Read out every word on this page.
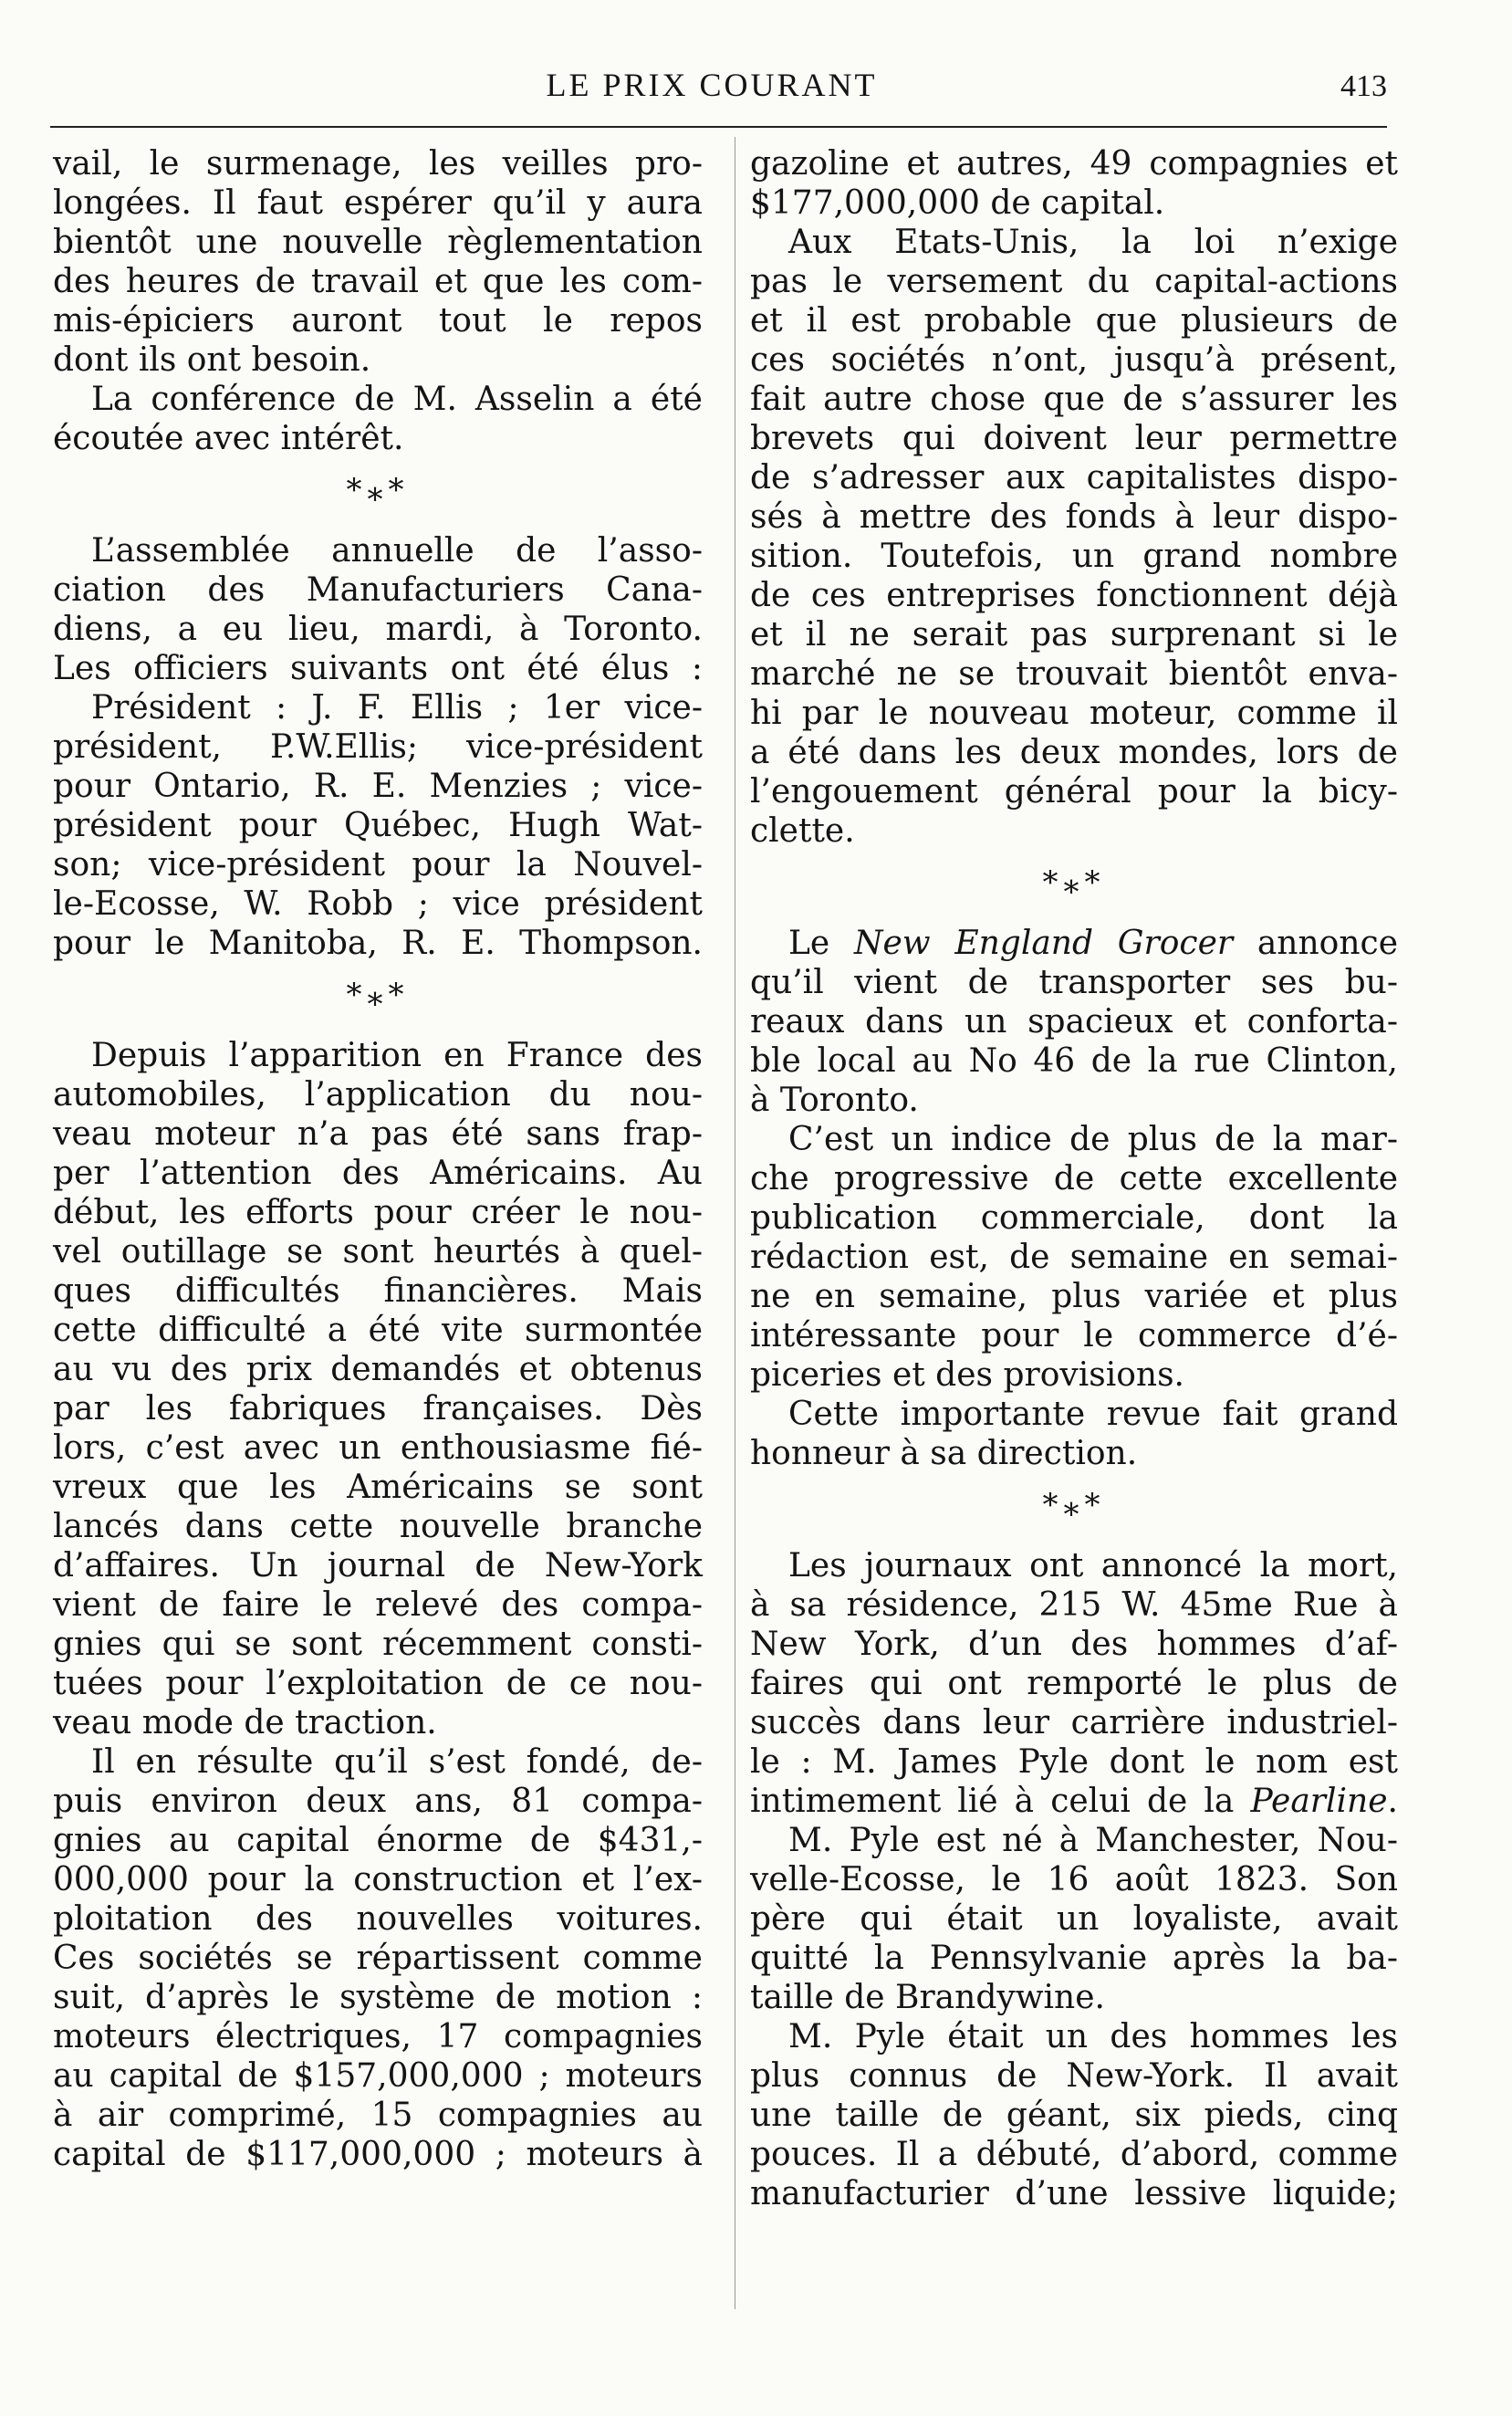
LE PRIX COURANT	413
vail, le surmenage, les veilles pro-
longées. Il faut espérer qu’il y aura
bientôt une nouvelle règlementation
des heures de travail et que les com-
mis-épiciers auront tout le repos
dont ils ont besoin.
La conférence de M. Asselin a été
écoutée avec intérêt.
*⁎*
L’assemblée annuelle de l’asso-
ciation des Manufacturiers Cana-
diens, a eu lieu, mardi, à Toronto.
Les officiers suivants ont été élus :
Président : J. F. Ellis ; 1er vice-
président, P.W.Ellis; vice-président
pour Ontario, R. E. Menzies ; vice-
président pour Québec, Hugh Wat-
son; vice-président pour la Nouvel-
le-Ecosse, W. Robb ; vice président
pour le Manitoba, R. E. Thompson.
*⁎*
Depuis l’apparition en France des
automobiles, l’application du nou-
veau moteur n’a pas été sans frap-
per l’attention des Américains. Au
début, les efforts pour créer le nou-
vel outillage se sont heurtés à quel-
ques difficultés financières. Mais
cette difficulté a été vite surmontée
au vu des prix demandés et obtenus
par les fabriques françaises. Dès
lors, c’est avec un enthousiasme fié-
vreux que les Américains se sont
lancés dans cette nouvelle branche
d’affaires. Un journal de New-York
vient de faire le relevé des compa-
gnies qui se sont récemment consti-
tuées pour l’exploitation de ce nou-
veau mode de traction.
Il en résulte qu’il s’est fondé, de-
puis environ deux ans, 81 compa-
gnies au capital énorme de $431,-
000,000 pour la construction et l’ex-
ploitation des nouvelles voitures.
Ces sociétés se répartissent comme
suit, d’après le système de motion :
moteurs électriques, 17 compagnies
au capital de $157,000,000 ; moteurs
à air comprimé, 15 compagnies au
capital de $117,000,000 ; moteurs à
gazoline et autres, 49 compagnies et
$177,000,000 de capital.
Aux Etats-Unis, la loi n’exige
pas le versement du capital-actions
et il est probable que plusieurs de
ces sociétés n’ont, jusqu’à présent,
fait autre chose que de s’assurer les
brevets qui doivent leur permettre
de s’adresser aux capitalistes dispo-
sés à mettre des fonds à leur dispo-
sition. Toutefois, un grand nombre
de ces entreprises fonctionnent déjà
et il ne serait pas surprenant si le
marché ne se trouvait bientôt enva-
hi par le nouveau moteur, comme il
a été dans les deux mondes, lors de
l’engouement général pour la bicy-
clette.
*⁎*
Le New England Grocer annonce
qu’il vient de transporter ses bu-
reaux dans un spacieux et conforta-
ble local au No 46 de la rue Clinton,
à Toronto.
C’est un indice de plus de la mar-
che progressive de cette excellente
publication commerciale, dont la
rédaction est, de semaine en semai-
ne en semaine, plus variée et plus
intéressante pour le commerce d’é-
piceries et des provisions.
Cette importante revue fait grand
honneur à sa direction.
*⁎*
Les journaux ont annoncé la mort,
à sa résidence, 215 W. 45me Rue à
New York, d’un des hommes d’af-
faires qui ont remporté le plus de
succès dans leur carrière industriel-
le : M. James Pyle dont le nom est
intimement lié à celui de la Pearline.
M. Pyle est né à Manchester, Nou-
velle-Ecosse, le 16 août 1823. Son
père qui était un loyaliste, avait
quitté la Pennsylvanie après la ba-
taille de Brandywine.
M. Pyle était un des hommes les
plus connus de New-York. Il avait
une taille de géant, six pieds, cinq
pouces. Il a débuté, d’abord, comme
manufacturier d’une lessive liquide;
